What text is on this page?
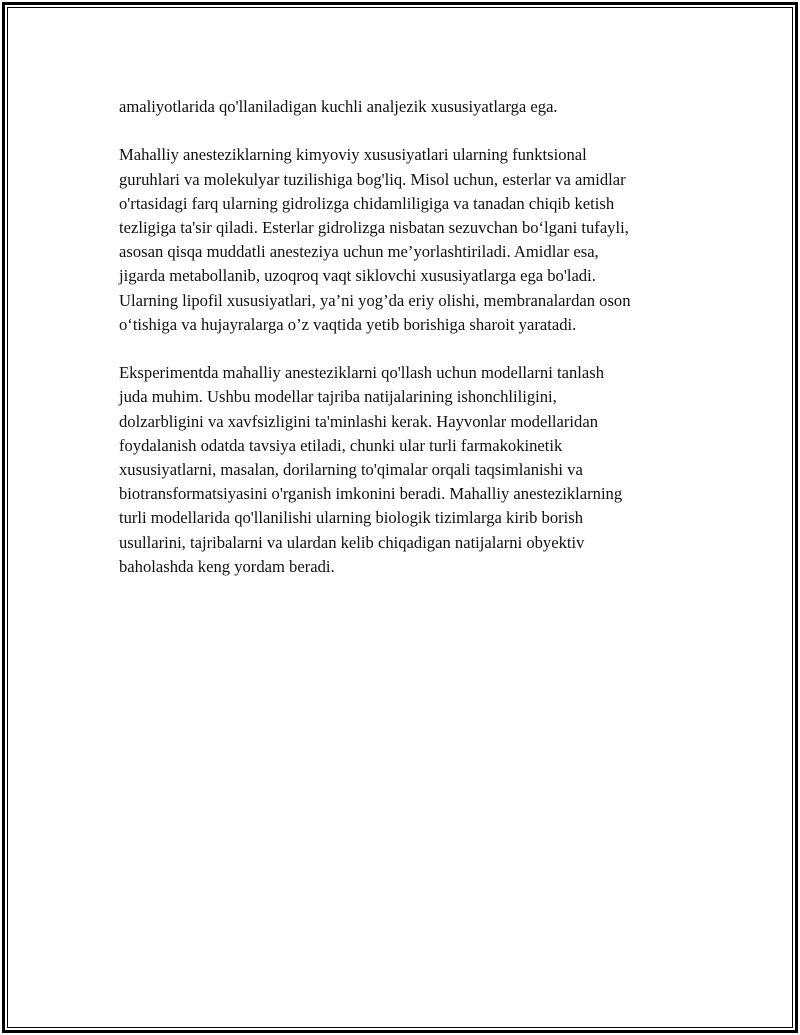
amaliyotlarida qo'llaniladigan kuchli analjezik xususiyatlarga ega.

Mahalliy anesteziklarning kimyoviy xususiyatlari ularning funktsional
guruhlari va molekulyar tuzilishiga bog'liq. Misol uchun, esterlar va amidlar
o'rtasidagi farq ularning gidrolizga chidamliligiga va tanadan chiqib ketish
tezligiga ta'sir qiladi. Esterlar gidrolizga nisbatan sezuvchan bo‘lgani tufayli,
asosan qisqa muddatli anesteziya uchun me’yorlashtiriladi. Amidlar esa,
jigarda metabollanib, uzoqroq vaqt siklovchi xususiyatlarga ega bo'ladi.
Ularning lipofil xususiyatlari, ya’ni yog’da eriy olishi, membranalardan oson
o‘tishiga va hujayralarga o’z vaqtida yetib borishiga sharoit yaratadi.

Eksperimentda mahalliy anesteziklarni qo'llash uchun modellarni tanlash
juda muhim. Ushbu modellar tajriba natijalarining ishonchliligini,
dolzarbligini va xavfsizligini ta'minlashi kerak. Hayvonlar modellaridan
foydalanish odatda tavsiya etiladi, chunki ular turli farmakokinetik
xususiyatlarni, masalan, dorilarning to'qimalar orqali taqsimlanishi va
biotransformatsiyasini o'rganish imkonini beradi. Mahalliy anesteziklarning
turli modellarida qo'llanilishi ularning biologik tizimlarga kirib borish
usullarini, tajribalarni va ulardan kelib chiqadigan natijalarni obyektiv
baholashda keng yordam beradi.
